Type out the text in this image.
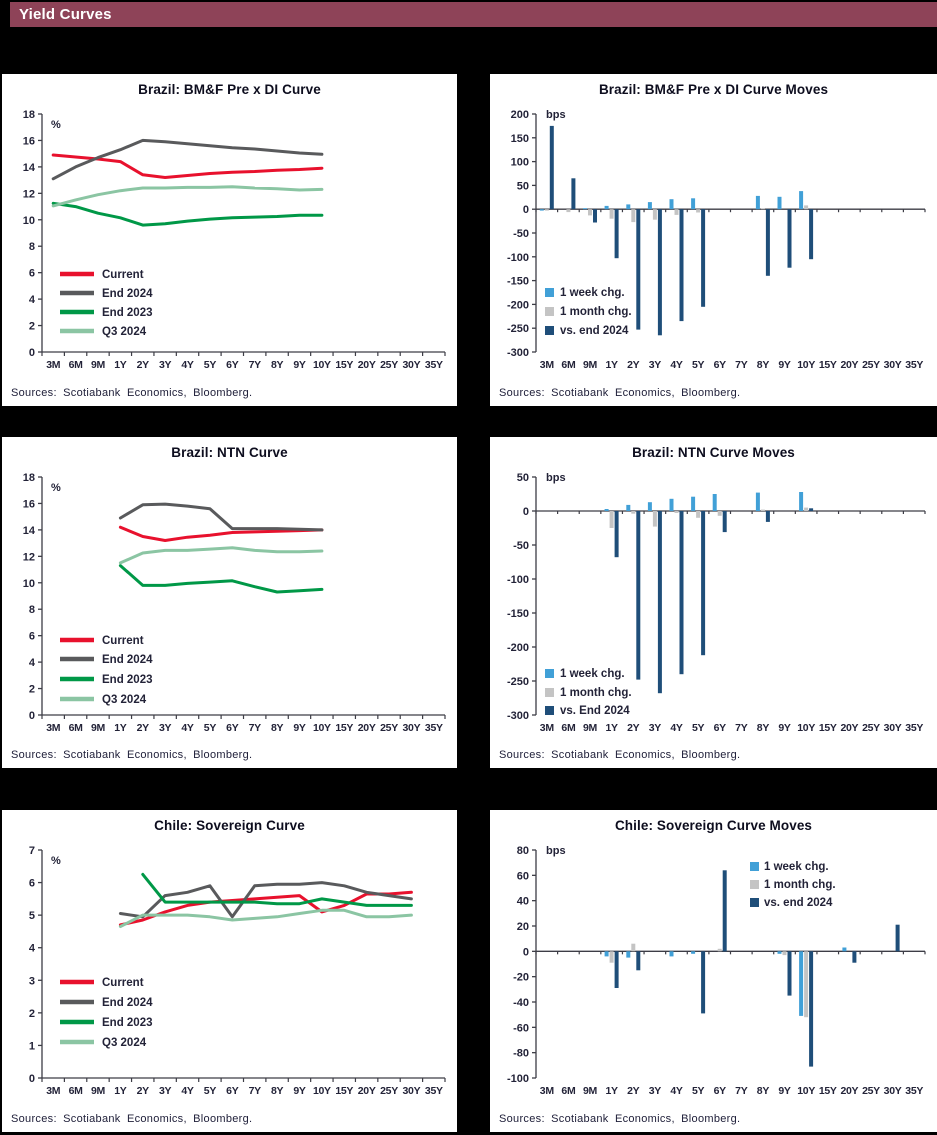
Yield Curves
Brazil: BM&F Pre x DI Curve
0
2
4
6
8
10
12
14
16
18
3M 6M 9M 1Y 2Y 3Y 4Y 5Y 6Y 7Y 8Y 9Y 10Y 15Y 20Y 25Y 30Y 35Y
%
Current
End 2024
End 2023
Q3 2024
Sources: Scotiabank Economics, Bloomberg.
Brazil: BM&F Pre x DI Curve Moves
-300
-250
-200
-150
-100
-50
0
50
100
150
200
3M 6M 9M 1Y 2Y 3Y 4Y 5Y 6Y 7Y 8Y 9Y 10Y 15Y 20Y 25Y 30Y 35Y
bps
1 week chg.
1 month chg.
vs. end 2024
Sources: Scotiabank Economics, Bloomberg.
Brazil: NTN Curve
0
2
4
6
8
10
12
14
16
18
3M 6M 9M 1Y 2Y 3Y 4Y 5Y 6Y 7Y 8Y 9Y 10Y 15Y 20Y 25Y 30Y 35Y
%
Current
End 2024
End 2023
Q3 2024
Sources: Scotiabank Economics, Bloomberg.
Brazil: NTN Curve Moves
-300
-250
-200
-150
-100
-50
0
50
3M 6M 9M 1Y 2Y 3Y 4Y 5Y 6Y 7Y 8Y 9Y 10Y 15Y 20Y 25Y 30Y 35Y
bps
1 week chg.
1 month chg.
vs. End 2024
Sources: Scotiabank Economics, Bloomberg.
Chile: Sovereign Curve
0
1
2
3
4
5
6
7
3M 6M 9M 1Y 2Y 3Y 4Y 5Y 6Y 7Y 8Y 9Y 10Y 15Y 20Y 25Y 30Y 35Y
%
Current
End 2024
End 2023
Q3 2024
Sources: Scotiabank Economics, Bloomberg.
Chile: Sovereign Curve Moves
-100
-80
-60
-40
-20
0
20
40
60
80
3M 6M 9M 1Y 2Y 3Y 4Y 5Y 6Y 7Y 8Y 9Y 10Y 15Y 20Y 25Y 30Y 35Y
bps
1 week chg.
1 month chg.
vs. end 2024
Sources: Scotiabank Economics, Bloomberg.
